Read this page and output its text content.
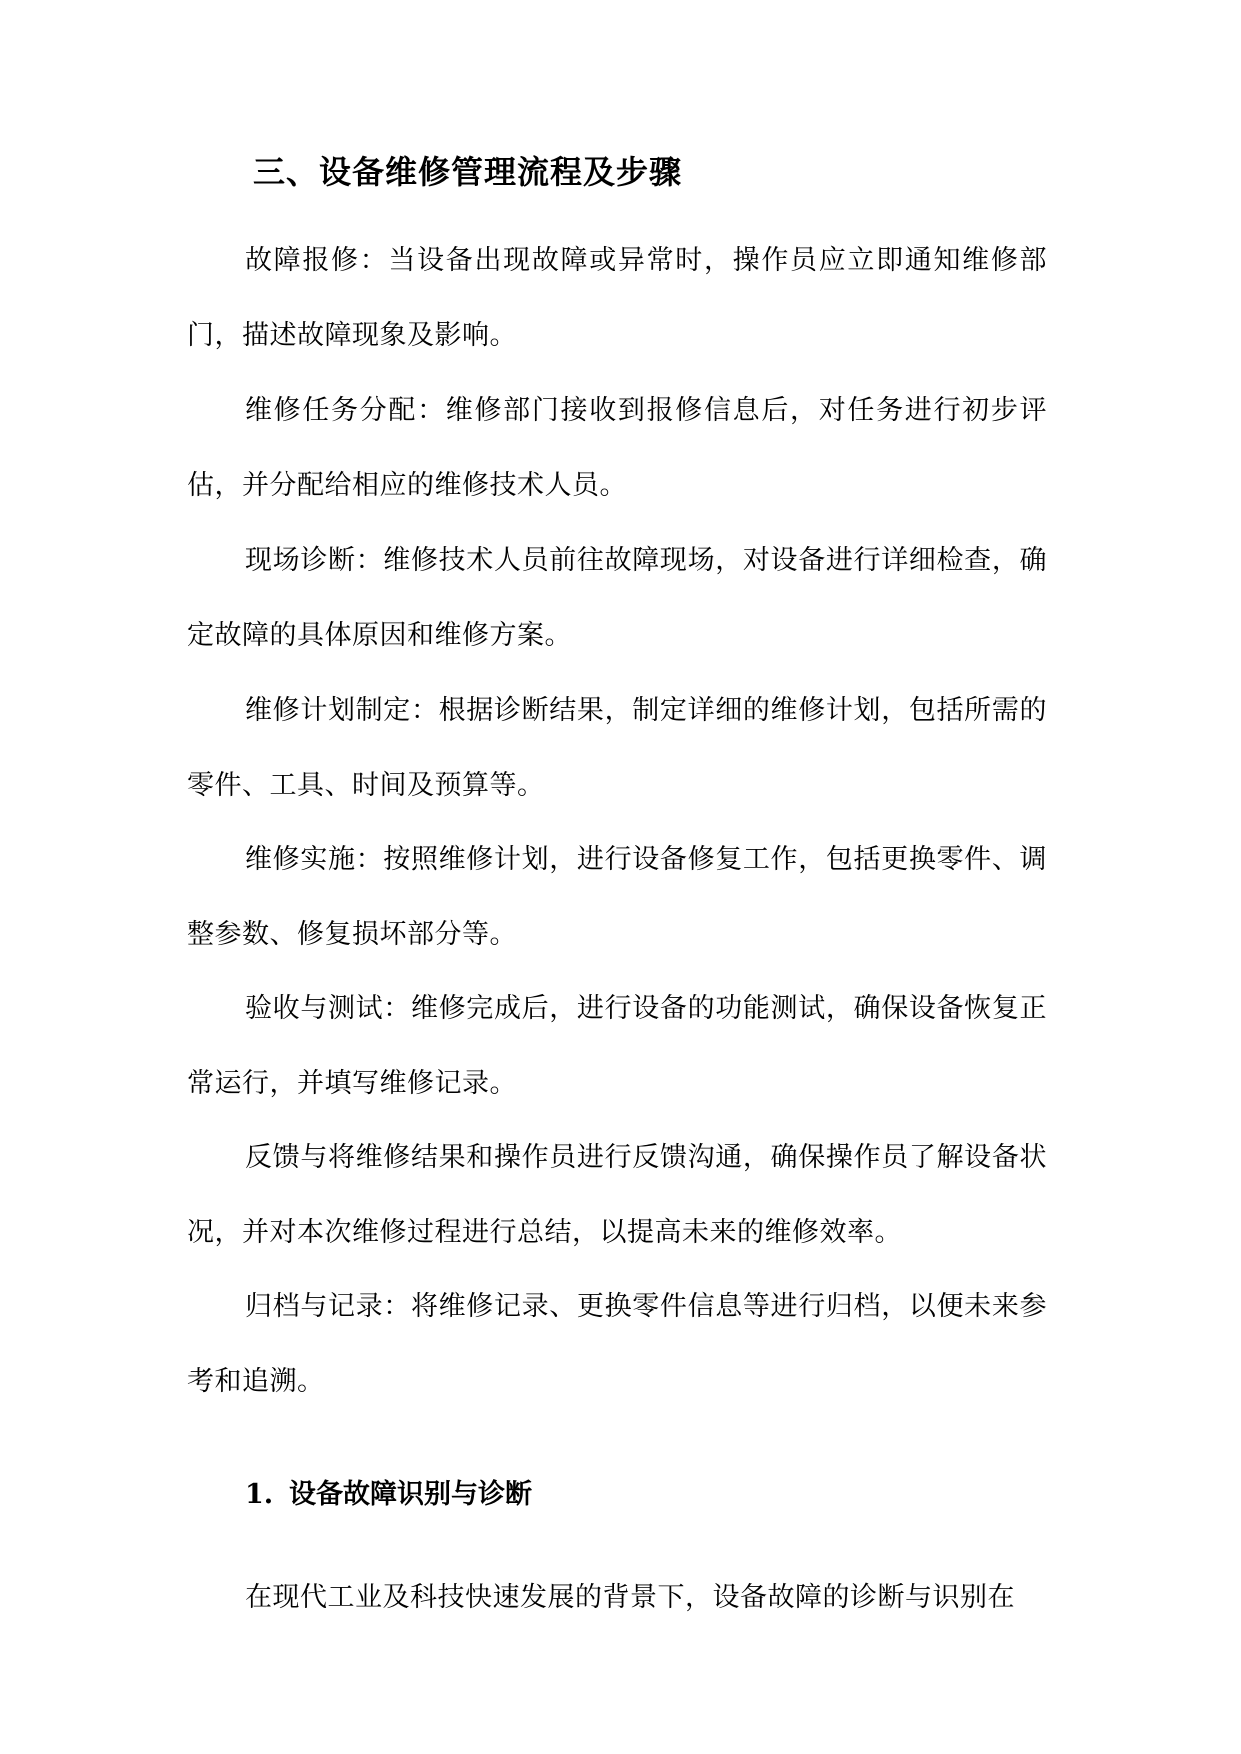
三、设备维修管理流程及步骤

故障报修：当设备出现故障或异常时，操作员应立即通知维修部门，描述故障现象及影响。

维修任务分配：维修部门接收到报修信息后，对任务进行初步评估，并分配给相应的维修技术人员。

现场诊断：维修技术人员前往故障现场，对设备进行详细检查，确定故障的具体原因和维修方案。

维修计划制定：根据诊断结果，制定详细的维修计划，包括所需的零件、工具、时间及预算等。

维修实施：按照维修计划，进行设备修复工作，包括更换零件、调整参数、修复损坏部分等。

验收与测试：维修完成后，进行设备的功能测试，确保设备恢复正常运行，并填写维修记录。

反馈与将维修结果和操作员进行反馈沟通，确保操作员了解设备状况，并对本次维修过程进行总结，以提高未来的维修效率。

归档与记录：将维修记录、更换零件信息等进行归档，以便未来参考和追溯。

1. 设备故障识别与诊断

在现代工业及科技快速发展的背景下，设备故障的诊断与识别在
